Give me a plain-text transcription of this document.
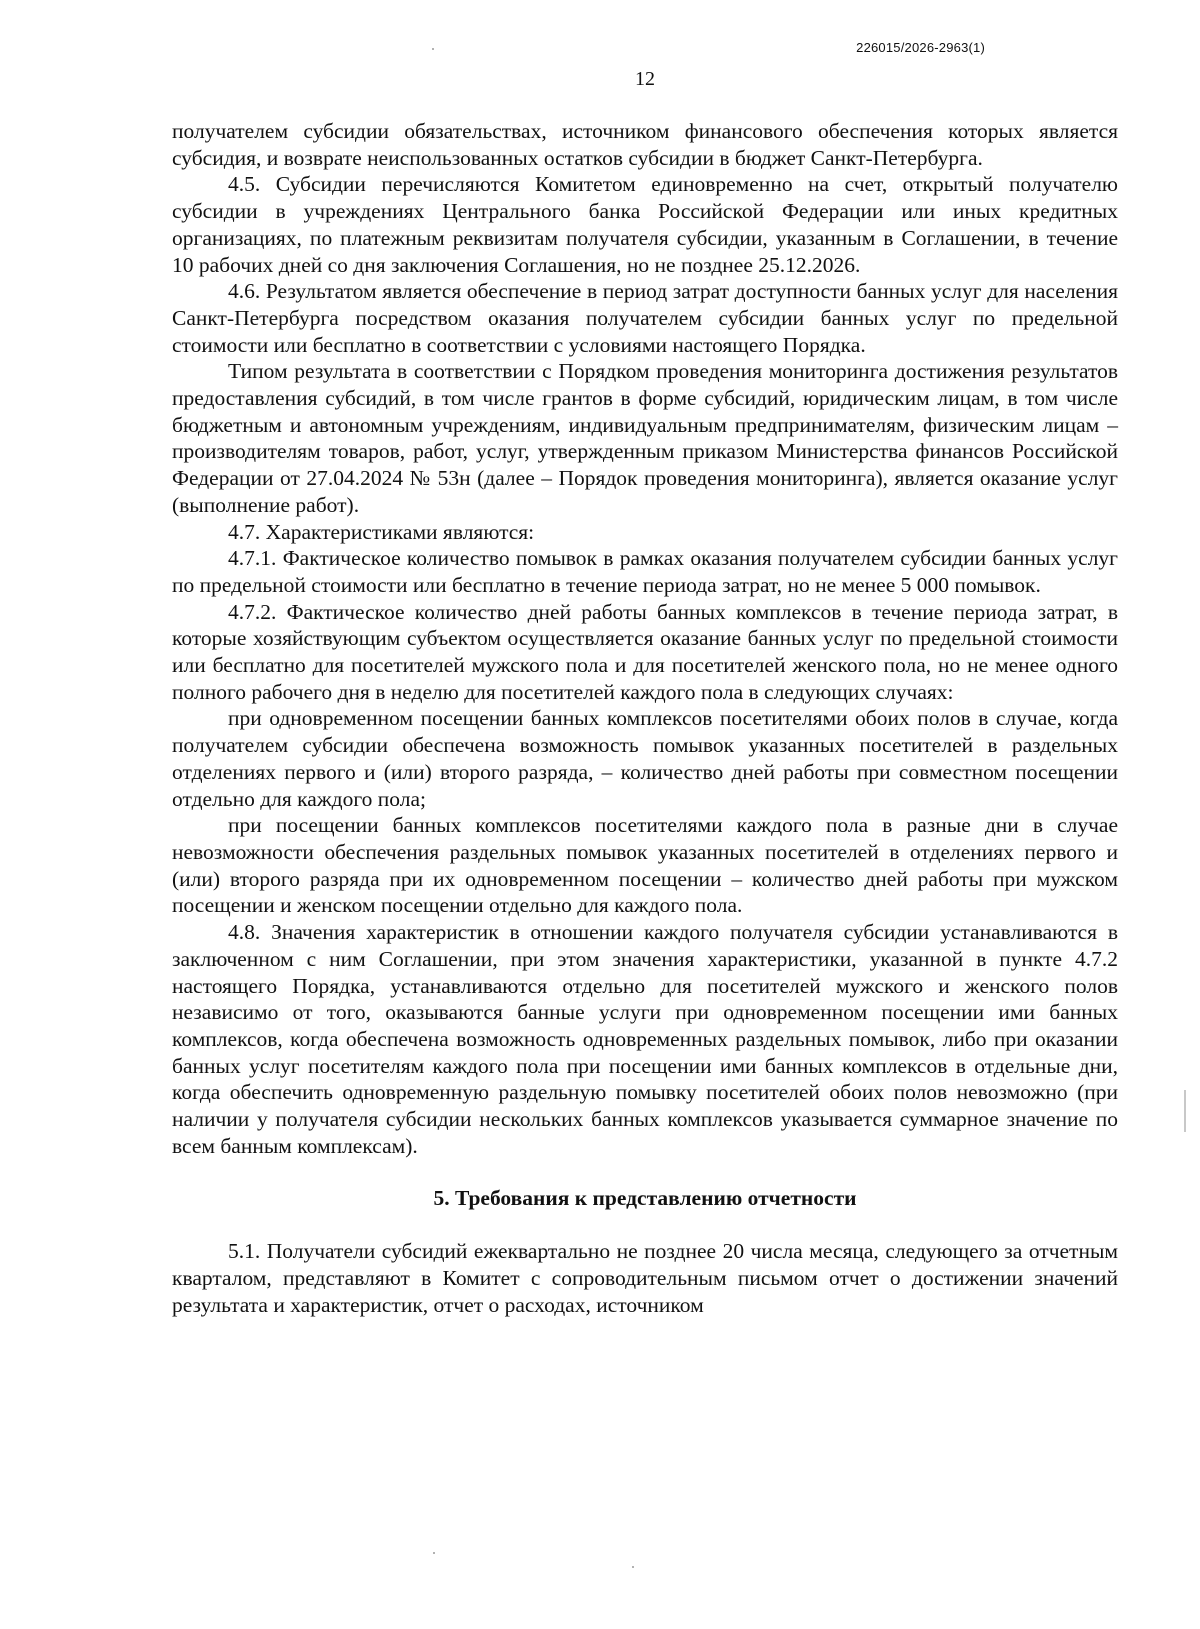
226015/2026-2963(1)
12

получателем субсидии обязательствах, источником финансового обеспечения которых является субсидия, и возврате неиспользованных остатков субсидии в бюджет Санкт-Петербурга.

4.5. Субсидии перечисляются Комитетом единовременно на счет, открытый получателю субсидии в учреждениях Центрального банка Российской Федерации или иных кредитных организациях, по платежным реквизитам получателя субсидии, указанным в Соглашении, в течение 10 рабочих дней со дня заключения Соглашения, но не позднее 25.12.2026.

4.6. Результатом является обеспечение в период затрат доступности банных услуг для населения Санкт-Петербурга посредством оказания получателем субсидии банных услуг по предельной стоимости или бесплатно в соответствии с условиями настоящего Порядка.

Типом результата в соответствии с Порядком проведения мониторинга достижения результатов предоставления субсидий, в том числе грантов в форме субсидий, юридическим лицам, в том числе бюджетным и автономным учреждениям, индивидуальным предпринимателям, физическим лицам – производителям товаров, работ, услуг, утвержденным приказом Министерства финансов Российской Федерации от 27.04.2024 № 53н (далее – Порядок проведения мониторинга), является оказание услуг (выполнение работ).

4.7. Характеристиками являются:

4.7.1. Фактическое количество помывок в рамках оказания получателем субсидии банных услуг по предельной стоимости или бесплатно в течение периода затрат, но не менее 5 000 помывок.

4.7.2. Фактическое количество дней работы банных комплексов в течение периода затрат, в которые хозяйствующим субъектом осуществляется оказание банных услуг по предельной стоимости или бесплатно для посетителей мужского пола и для посетителей женского пола, но не менее одного полного рабочего дня в неделю для посетителей каждого пола в следующих случаях:

при одновременном посещении банных комплексов посетителями обоих полов в случае, когда получателем субсидии обеспечена возможность помывок указанных посетителей в раздельных отделениях первого и (или) второго разряда, – количество дней работы при совместном посещении отдельно для каждого пола;

при посещении банных комплексов посетителями каждого пола в разные дни в случае невозможности обеспечения раздельных помывок указанных посетителей в отделениях первого и (или) второго разряда при их одновременном посещении – количество дней работы при мужском посещении и женском посещении отдельно для каждого пола.

4.8. Значения характеристик в отношении каждого получателя субсидии устанавливаются в заключенном с ним Соглашении, при этом значения характеристики, указанной в пункте 4.7.2 настоящего Порядка, устанавливаются отдельно для посетителей мужского и женского полов независимо от того, оказываются банные услуги при одновременном посещении ими банных комплексов, когда обеспечена возможность одновременных раздельных помывок, либо при оказании банных услуг посетителям каждого пола при посещении ими банных комплексов в отдельные дни, когда обеспечить одновременную раздельную помывку посетителей обоих полов невозможно (при наличии у получателя субсидии нескольких банных комплексов указывается суммарное значение по всем банным комплексам).

5. Требования к представлению отчетности

5.1. Получатели субсидий ежеквартально не позднее 20 числа месяца, следующего за отчетным кварталом, представляют в Комитет с сопроводительным письмом отчет о достижении значений результата и характеристик, отчет о расходах, источником
